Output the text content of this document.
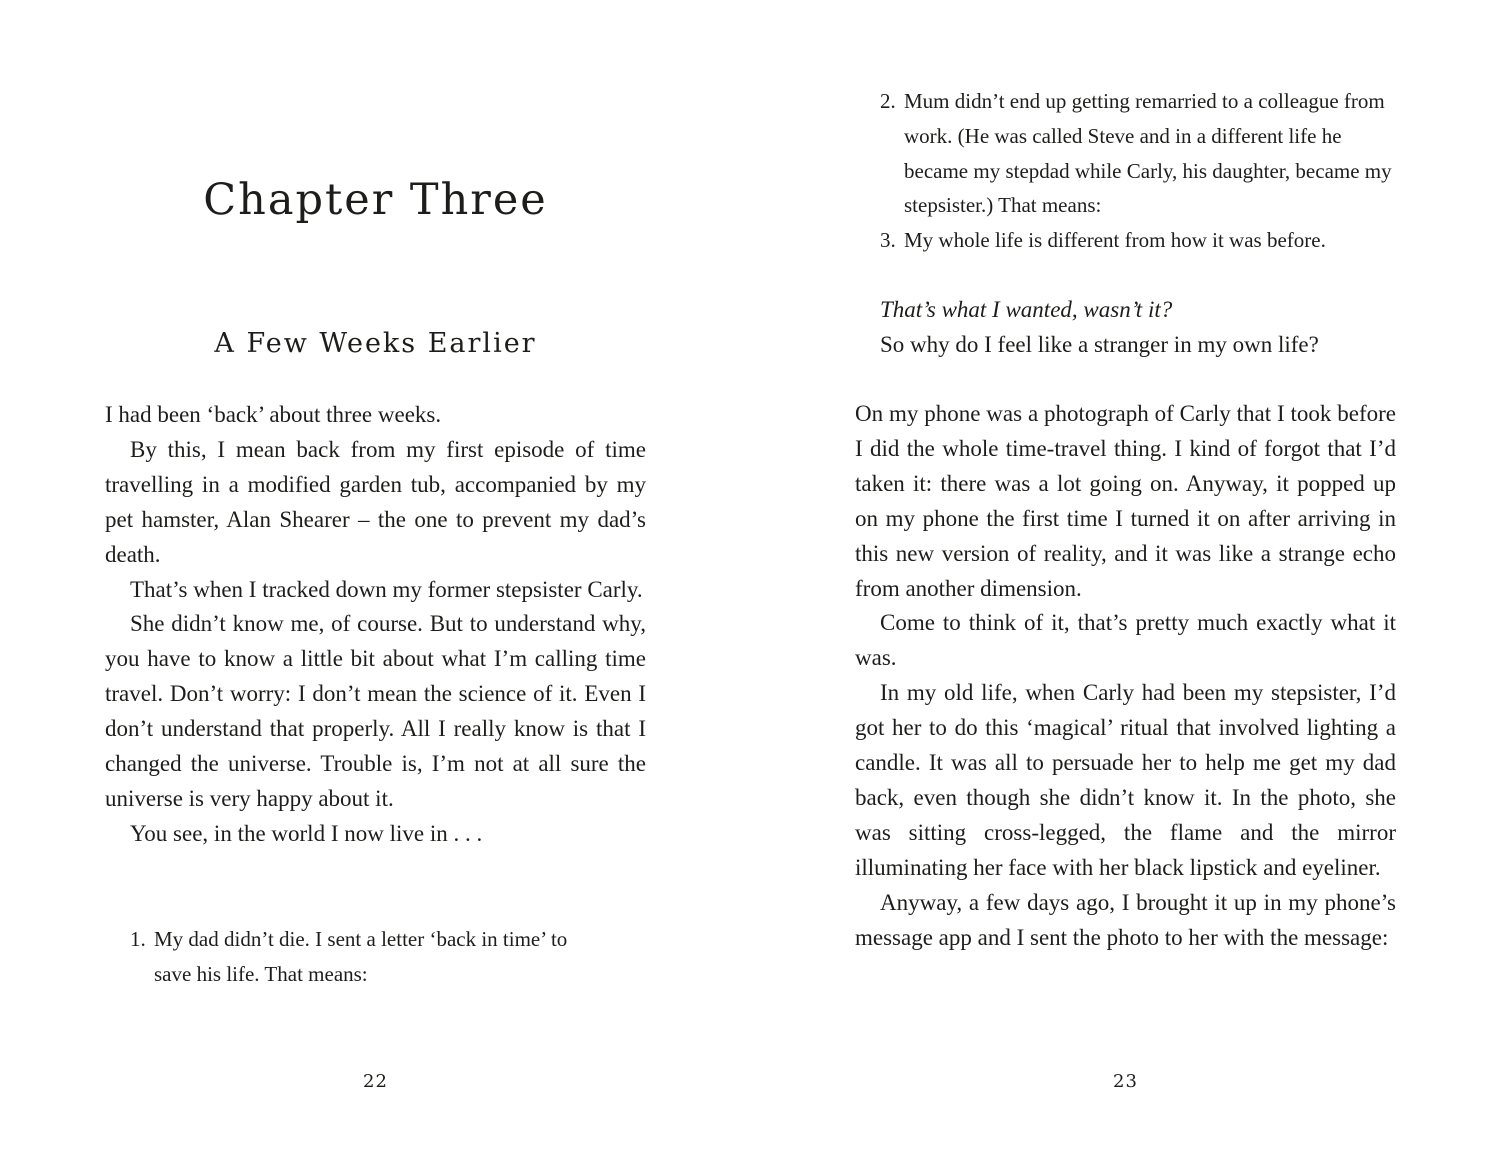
Chapter Three
A Few Weeks Earlier

I had been ‘back’ about three weeks.

By this, I mean back from my first episode of time travelling in a modified garden tub, accompanied by my pet hamster, Alan Shearer – the one to prevent my dad’s death.

That’s when I tracked down my former stepsister Carly.

She didn’t know me, of course. But to understand why, you have to know a little bit about what I’m calling time travel. Don’t worry: I don’t mean the science of it. Even I don’t understand that properly. All I really know is that I changed the universe. Trouble is, I’m not at all sure the universe is very happy about it.

You see, in the world I now live in . . .

1. My dad didn’t die. I sent a letter ‘back in time’ to save his life. That means:
22
2. Mum didn’t end up getting remarried to a colleague from work. (He was called Steve and in a different life he became my stepdad while Carly, his daughter, became my stepsister.) That means:
3. My whole life is different from how it was before.
That’s what I wanted, wasn’t it?
So why do I feel like a stranger in my own life?

On my phone was a photograph of Carly that I took before I did the whole time-travel thing. I kind of forgot that I’d taken it: there was a lot going on. Anyway, it popped up on my phone the first time I turned it on after arriving in this new version of reality, and it was like a strange echo from another dimension.

Come to think of it, that’s pretty much exactly what it was.

In my old life, when Carly had been my stepsister, I’d got her to do this ‘magical’ ritual that involved lighting a candle. It was all to persuade her to help me get my dad back, even though she didn’t know it. In the photo, she was sitting cross-legged, the flame and the mirror illuminating her face with her black lipstick and eyeliner.

Anyway, a few days ago, I brought it up in my phone’s message app and I sent the photo to her with the message:

23
